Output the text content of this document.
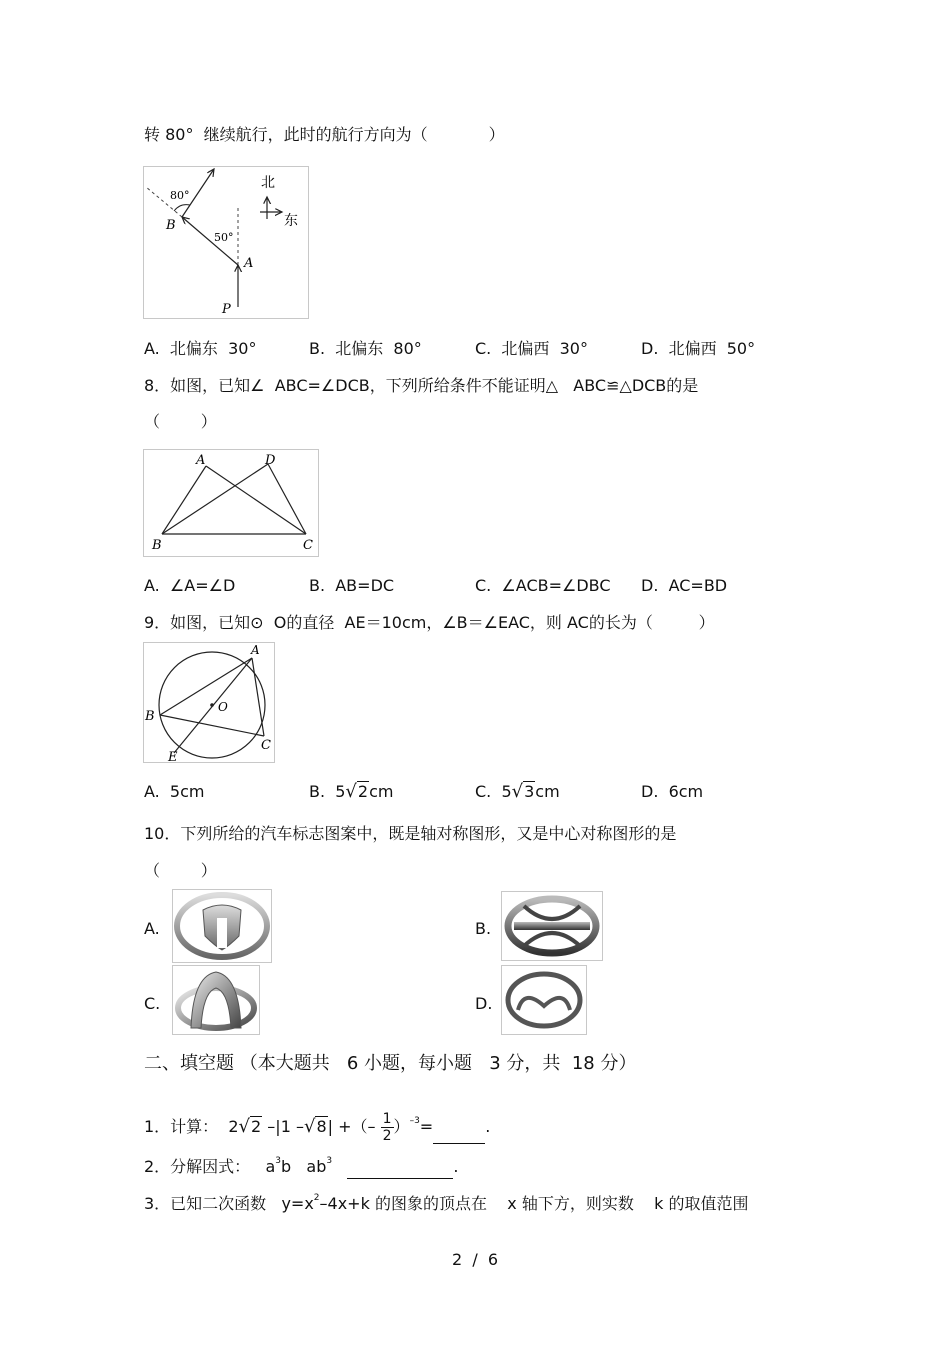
转 80°  继续航行，此时的航行方向为（            ）
北
东
80°
50°
B
A
P
A.  北偏东  30°	B.  北偏东  80°	C.  北偏西  30°	D.  北偏西  50°
8．如图，已知∠  ABC=∠DCB，下列所给条件不能证明△   ABC≌△DCB的是
（        ）
A	D
B	C
A.  ∠A=∠D	B.  AB=DC	C.  ∠ACB=∠DBC D.  AC=BD
9．如图，已知⊙  O的直径  AE＝10cm，∠B＝∠EAC，则 AC的长为（         ）
A
B
O
E
C
A.  5cm	B. 5√2cm	C. 5√3cm	D.  6cm
10．下列所给的汽车标志图案中，既是轴对称图形，又是中心对称图形的是
（        ）
A.	B.
C.	D.
二、填空题 （本大题共   6 小题，每小题   3 分，共  18 分）
1．计算：  2√2 –|1 –√8| +（– $\frac{1}{2} )^{-3}=$	.
2．分解因式：   $a^3b$   $ab^3$	.
3．已知二次函数   $y=x^2-4x+k$ 的图象的顶点在    x 轴下方，则实数    k 的取值范围
2  /  6
